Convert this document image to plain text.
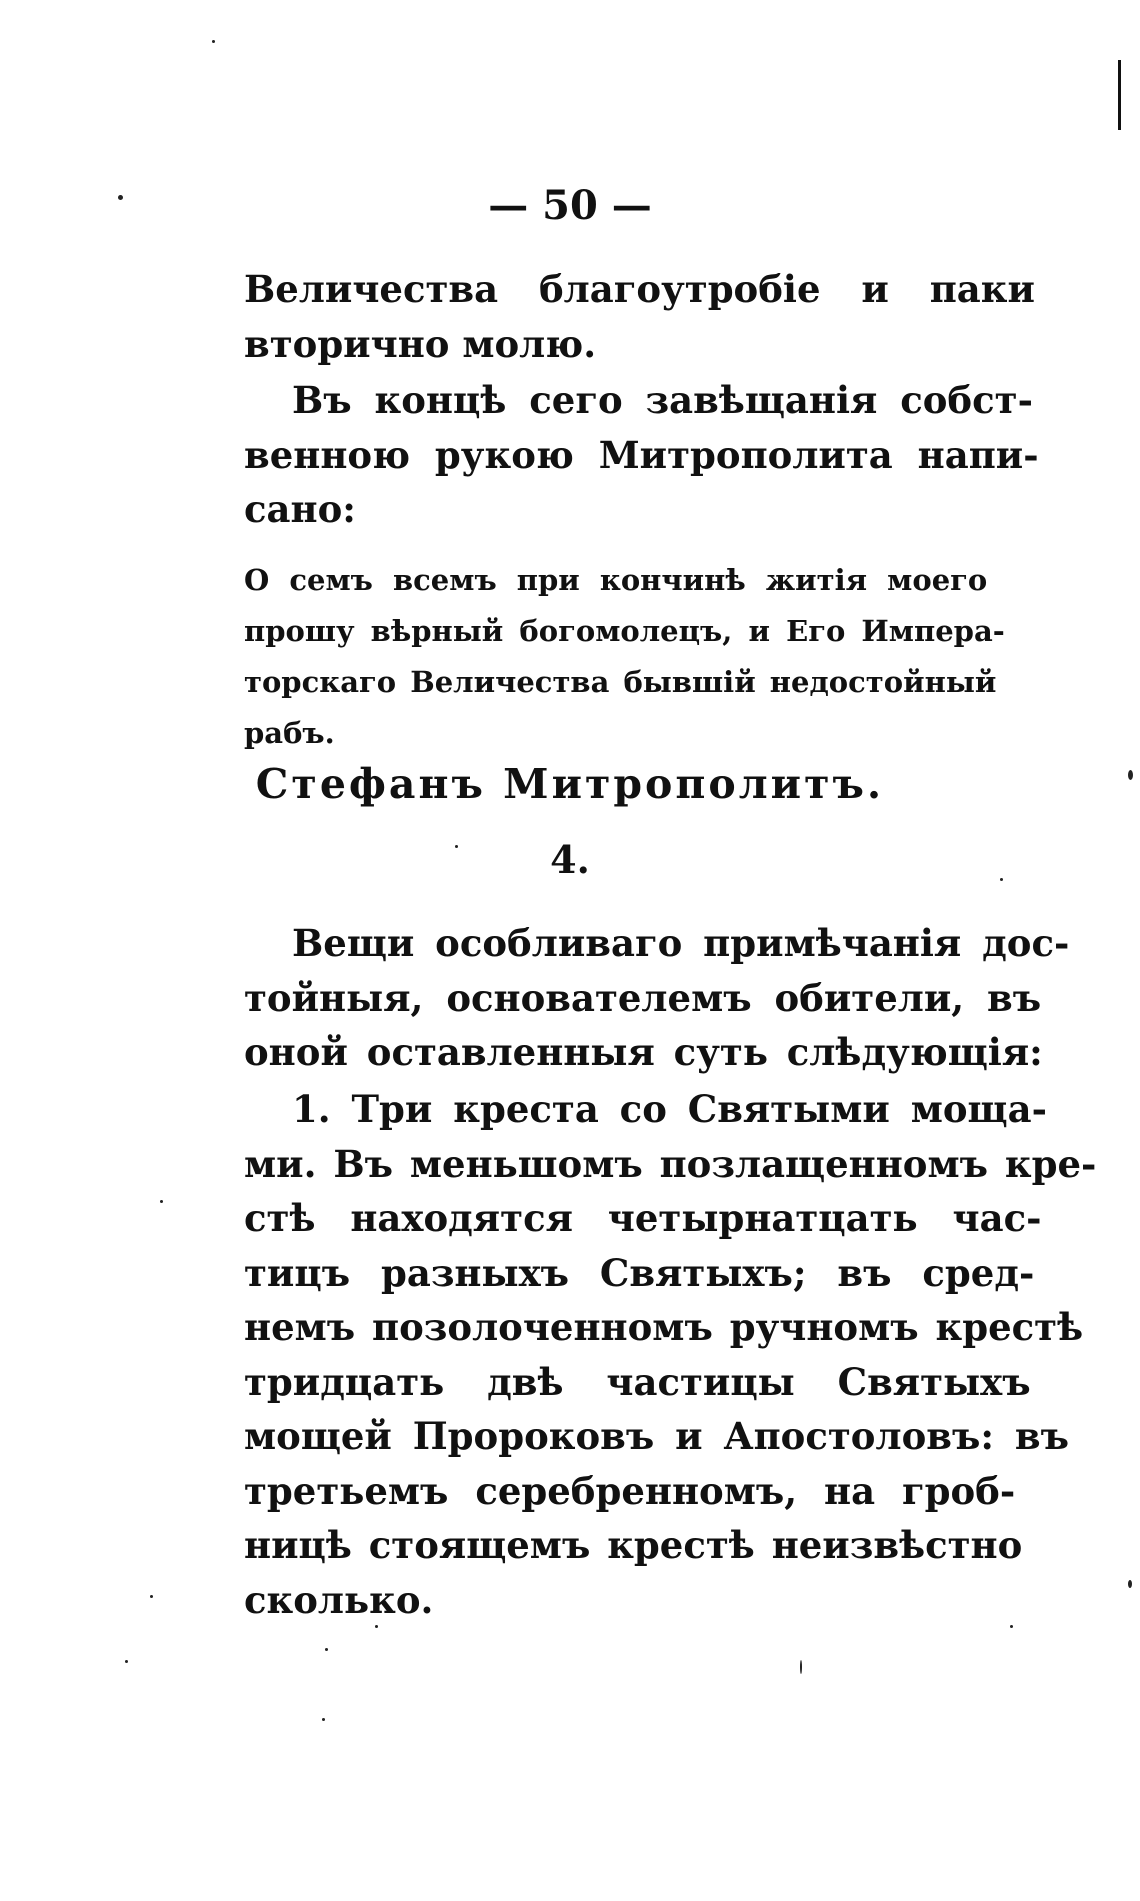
— 50 —
Величества благоутробiе и паки
вторично молю.
Въ концѣ сего завѣщанiя собст-
венною рукою Митрополита напи-
сано:
О семъ всемъ при кончинѣ житiя моего
прошу вѣрный богомолецъ, и Его Импера-
торскаго Величества бывшiй недостойный
рабъ.
Стефанъ Митрополитъ.
4.
Вещи особливаго примѣчанiя дос-
тойныя, основателемъ обители, въ
оной оставленныя суть слѣдующiя:
1. Три креста со Святыми моща-
ми. Въ меньшомъ позлащенномъ кре-
стѣ находятся четырнатцать час-
тицъ разныхъ Святыхъ; въ сред-
немъ позолоченномъ ручномъ крестѣ
тридцать двѣ частицы Святыхъ
мощей Пророковъ и Апостоловъ: въ
третьемъ серебренномъ, на гроб-
ницѣ стоящемъ крестѣ неизвѣстно
сколько.
